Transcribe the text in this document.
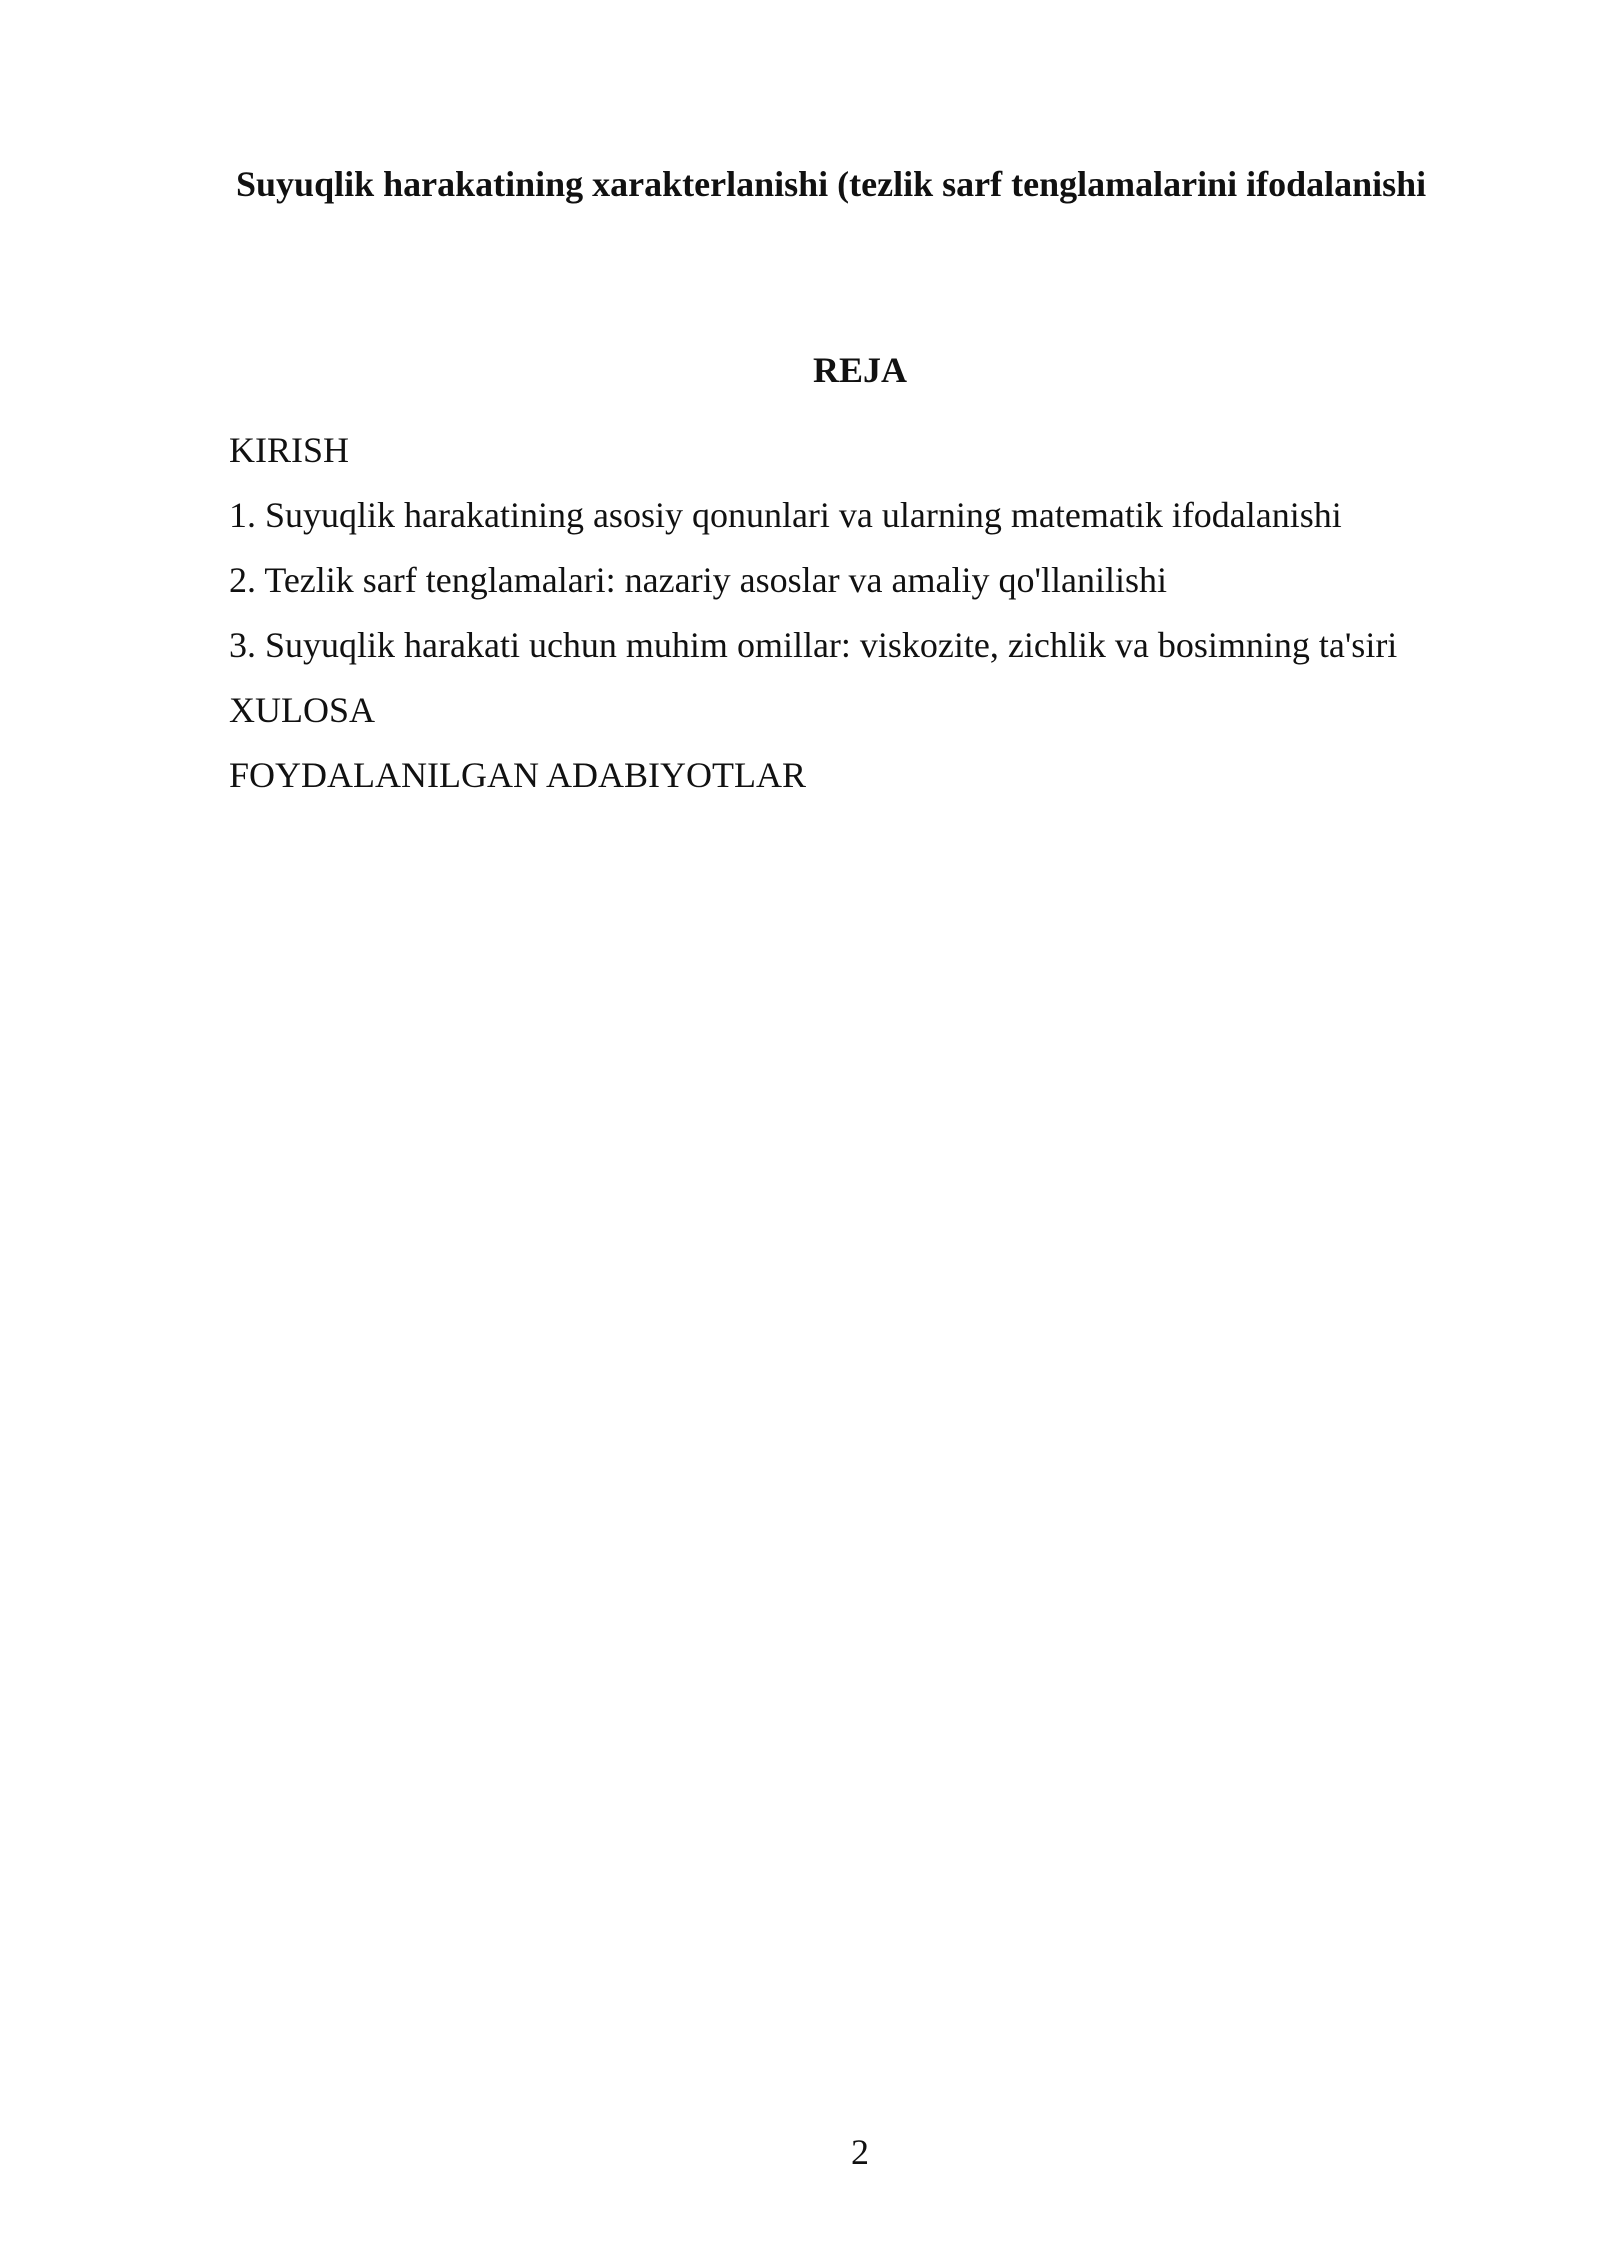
Suyuqlik harakatining xarakterlanishi (tezlik sarf tenglamalarini ifodalanishi
REJA
KIRISH
1. Suyuqlik harakatining asosiy qonunlari va ularning matematik ifodalanishi
2. Tezlik sarf tenglamalari: nazariy asoslar va amaliy qo'llanilishi
3. Suyuqlik harakati uchun muhim omillar: viskozite, zichlik va bosimning ta'siri
XULOSA
FOYDALANILGAN ADABIYOTLAR
2
